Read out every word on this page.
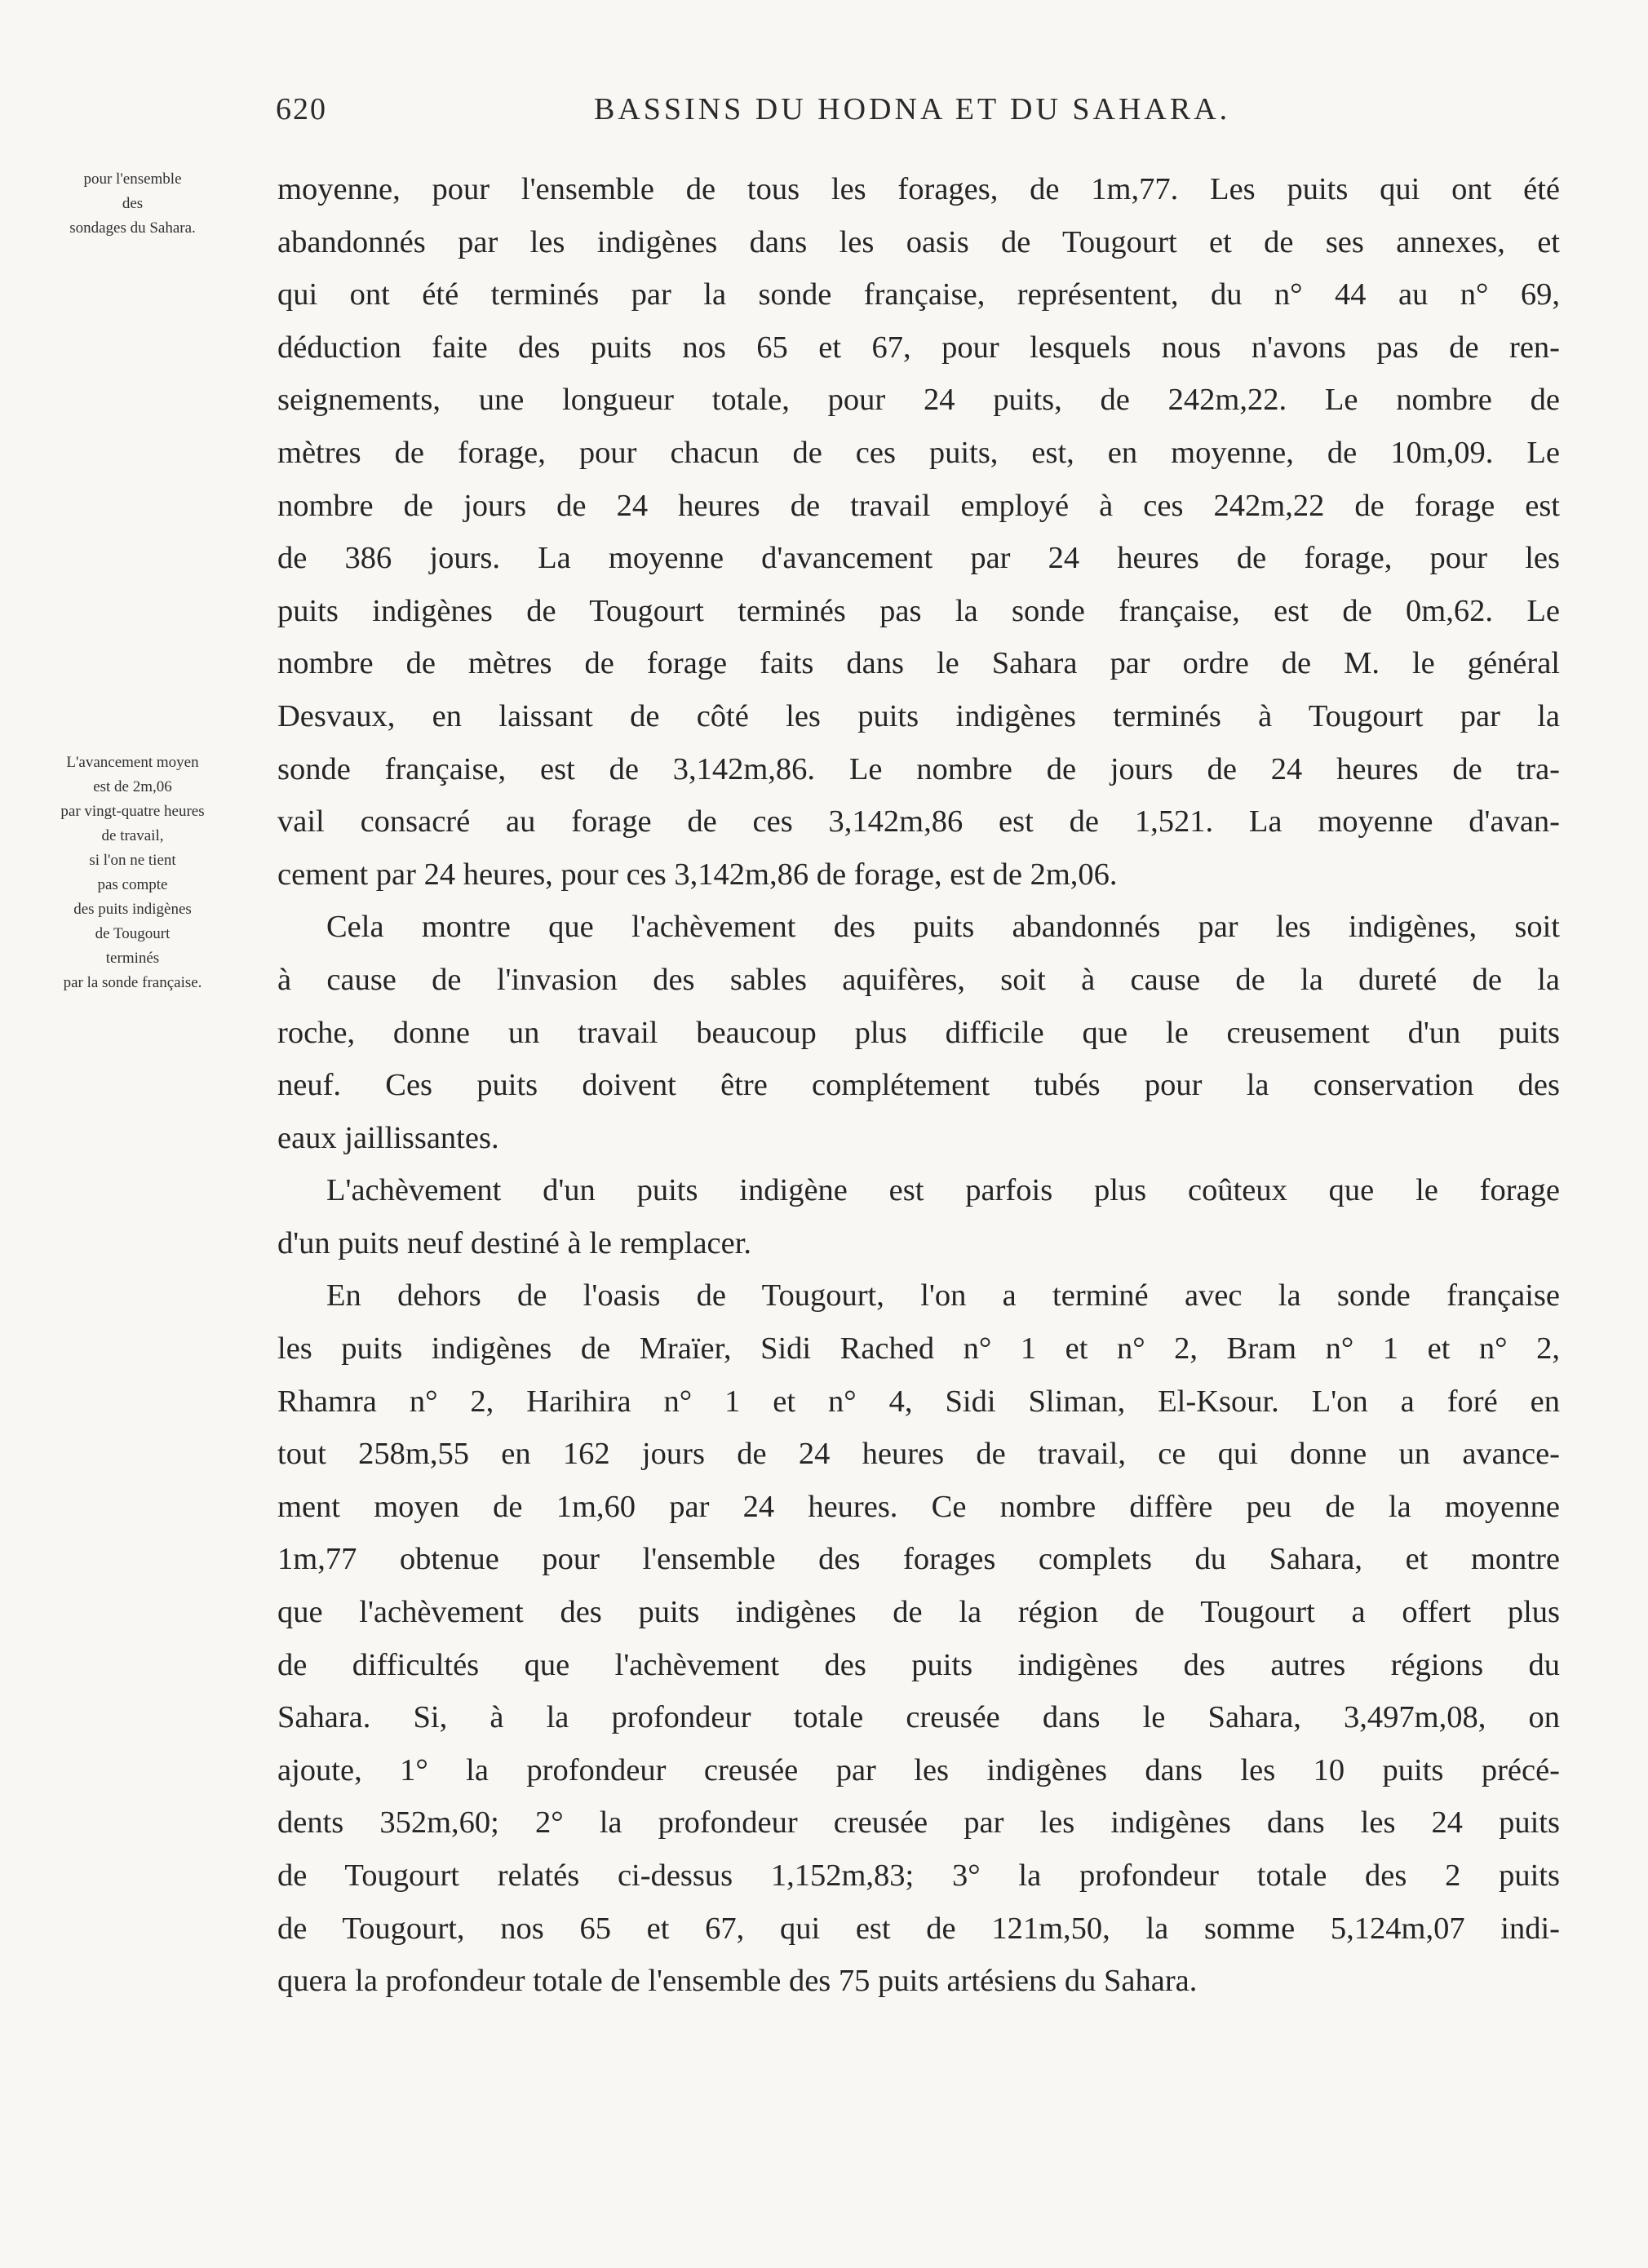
620	BASSINS DU HODNA ET DU SAHARA.
pour l'ensemble
des
sondages du Sahara.
L'avancement moyen
est de 2m,06
par vingt-quatre heures
de travail,
si l'on ne tient
pas compte
des puits indigènes
de Tougourt
terminés
par la sonde française.
moyenne, pour l'ensemble de tous les forages, de 1m,77. Les puits qui ont été
abandonnés par les indigènes dans les oasis de Tougourt et de ses annexes, et
qui ont été terminés par la sonde française, représentent, du n° 44 au n° 69,
déduction faite des puits nos 65 et 67, pour lesquels nous n'avons pas de ren-
seignements, une longueur totale, pour 24 puits, de 242m,22. Le nombre de
mètres de forage, pour chacun de ces puits, est, en moyenne, de 10m,09. Le
nombre de jours de 24 heures de travail employé à ces 242m,22 de forage est
de 386 jours. La moyenne d'avancement par 24 heures de forage, pour les
puits indigènes de Tougourt terminés pas la sonde française, est de 0m,62. Le
nombre de mètres de forage faits dans le Sahara par ordre de M. le général
Desvaux, en laissant de côté les puits indigènes terminés à Tougourt par la
sonde française, est de 3,142m,86. Le nombre de jours de 24 heures de tra-
vail consacré au forage de ces 3,142m,86 est de 1,521. La moyenne d'avan-
cement par 24 heures, pour ces 3,142m,86 de forage, est de 2m,06.
Cela montre que l'achèvement des puits abandonnés par les indigènes, soit
à cause de l'invasion des sables aquifères, soit à cause de la dureté de la
roche, donne un travail beaucoup plus difficile que le creusement d'un puits
neuf. Ces puits doivent être complétement tubés pour la conservation des
eaux jaillissantes.
L'achèvement d'un puits indigène est parfois plus coûteux que le forage
d'un puits neuf destiné à le remplacer.
En dehors de l'oasis de Tougourt, l'on a terminé avec la sonde française
les puits indigènes de Mraïer, Sidi Rached n° 1 et n° 2, Bram n° 1 et n° 2,
Rhamra n° 2, Harihira n° 1 et n° 4, Sidi Sliman, El-Ksour. L'on a foré en
tout 258m,55 en 162 jours de 24 heures de travail, ce qui donne un avance-
ment moyen de 1m,60 par 24 heures. Ce nombre diffère peu de la moyenne
1m,77 obtenue pour l'ensemble des forages complets du Sahara, et montre
que l'achèvement des puits indigènes de la région de Tougourt a offert plus
de difficultés que l'achèvement des puits indigènes des autres régions du
Sahara. Si, à la profondeur totale creusée dans le Sahara, 3,497m,08, on
ajoute, 1° la profondeur creusée par les indigènes dans les 10 puits précé-
dents 352m,60; 2° la profondeur creusée par les indigènes dans les 24 puits
de Tougourt relatés ci-dessus 1,152m,83; 3° la profondeur totale des 2 puits
de Tougourt, nos 65 et 67, qui est de 121m,50, la somme 5,124m,07 indi-
quera la profondeur totale de l'ensemble des 75 puits artésiens du Sahara.
